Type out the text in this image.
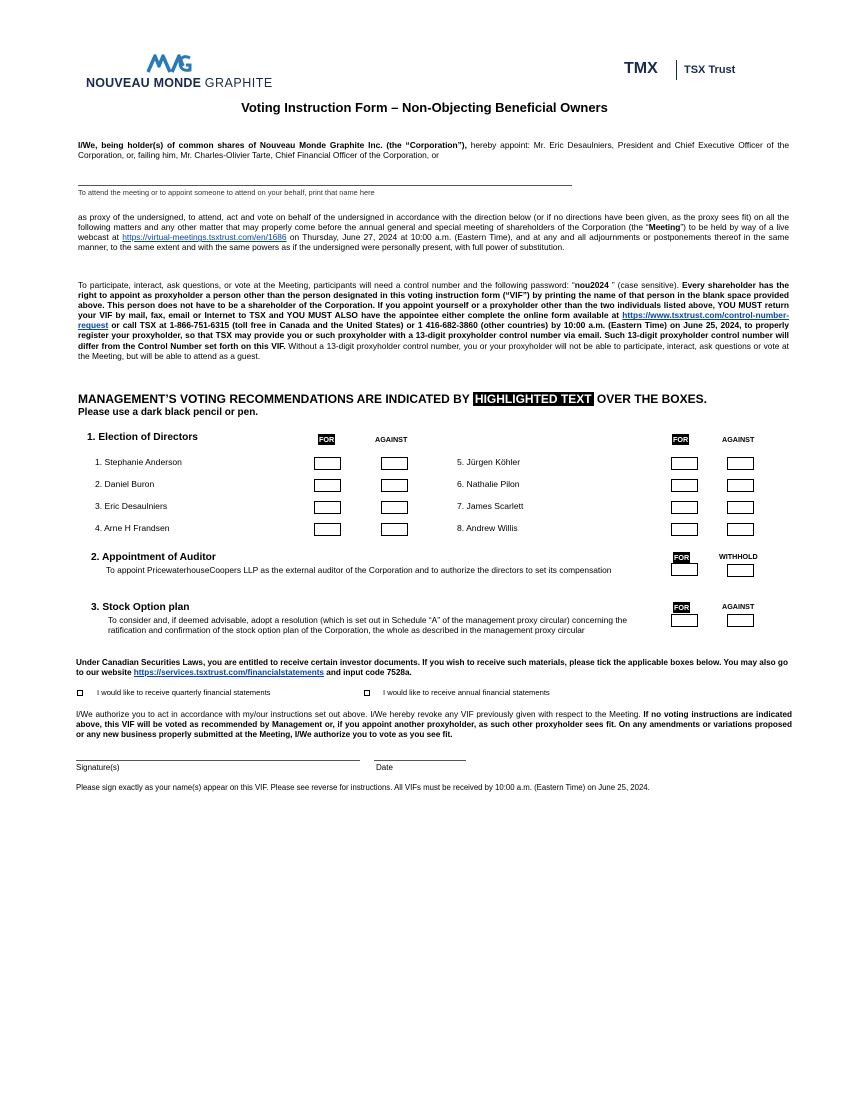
NOUVEAU MONDE GRAPHITE
TMX TSX Trust
Voting Instruction Form – Non-Objecting Beneficial Owners
I/We, being holder(s) of common shares of Nouveau Monde Graphite Inc. (the “Corporation”), hereby appoint: Mr. Eric Desaulniers, President and Chief Executive Officer of the Corporation, or, failing him, Mr. Charles-Olivier Tarte, Chief Financial Officer of the Corporation, or
To attend the meeting or to appoint someone to attend on your behalf, print that name here
as proxy of the undersigned, to attend, act and vote on behalf of the undersigned in accordance with the direction below (or if no directions have been given, as the proxy sees fit) on all the following matters and any other matter that may properly come before the annual general and special meeting of shareholders of the Corporation (the “Meeting”) to be held by way of a live webcast at https://virtual-meetings.tsxtrust.com/en/1686 on Thursday, June 27, 2024 at 10:00 a.m. (Eastern Time), and at any and all adjournments or postponements thereof in the same manner, to the same extent and with the same powers as if the undersigned were personally present, with full power of substitution.
To participate, interact, ask questions, or vote at the Meeting, participants will need a control number and the following password: “nou2024 ” (case sensitive). Every shareholder has the right to appoint as proxyholder a person other than the person designated in this voting instruction form (“VIF”) by printing the name of that person in the blank space provided above. This person does not have to be a shareholder of the Corporation. If you appoint yourself or a proxyholder other than the two individuals listed above, YOU MUST return your VIF by mail, fax, email or Internet to TSX and YOU MUST ALSO have the appointee either complete the online form available at https://www.tsxtrust.com/control-number-request or call TSX at 1-866-751-6315 (toll free in Canada and the United States) or 1 416-682-3860 (other countries) by 10:00 a.m. (Eastern Time) on June 25, 2024, to properly register your proxyholder, so that TSX may provide you or such proxyholder with a 13-digit proxyholder control number via email. Such 13-digit proxyholder control number will differ from the Control Number set forth on this VIF. Without a 13-digit proxyholder control number, you or your proxyholder will not be able to participate, interact, ask questions or vote at the Meeting, but will be able to attend as a guest.
MANAGEMENT’S VOTING RECOMMENDATIONS ARE INDICATED BY HIGHLIGHTED TEXT OVER THE BOXES.
Please use a dark black pencil or pen.
1. Election of Directors	FOR	AGAINST	FOR	AGAINST
1. Stephanie Anderson
2. Daniel Buron
3. Eric Desaulniers
4. Arne H Frandsen
5. Jürgen Köhler
6. Nathalie Pilon
7. James Scarlett
8. Andrew Willis
2. Appointment of Auditor
To appoint PricewaterhouseCoopers LLP as the external auditor of the Corporation and to authorize the directors to set its compensation
FOR	WITHHOLD
3. Stock Option plan
To consider and, if deemed advisable, adopt a resolution (which is set out in Schedule “A” of the management proxy circular) concerning the ratification and confirmation of the stock option plan of the Corporation, the whole as described in the management proxy circular
FOR	AGAINST
Under Canadian Securities Laws, you are entitled to receive certain investor documents. If you wish to receive such materials, please tick the applicable boxes below. You may also go to our website https://services.tsxtrust.com/financialstatements and input code 7528a.
I would like to receive quarterly financial statements	I would like to receive annual financial statements
I/We authorize you to act in accordance with my/our instructions set out above. I/We hereby revoke any VIF previously given with respect to the Meeting. If no voting instructions are indicated above, this VIF will be voted as recommended by Management or, if you appoint another proxyholder, as such other proxyholder sees fit. On any amendments or variations proposed or any new business properly submitted at the Meeting, I/We authorize you to vote as you see fit.
Signature(s)	Date
Please sign exactly as your name(s) appear on this VIF. Please see reverse for instructions. All VIFs must be received by 10:00 a.m. (Eastern Time) on June 25, 2024.
